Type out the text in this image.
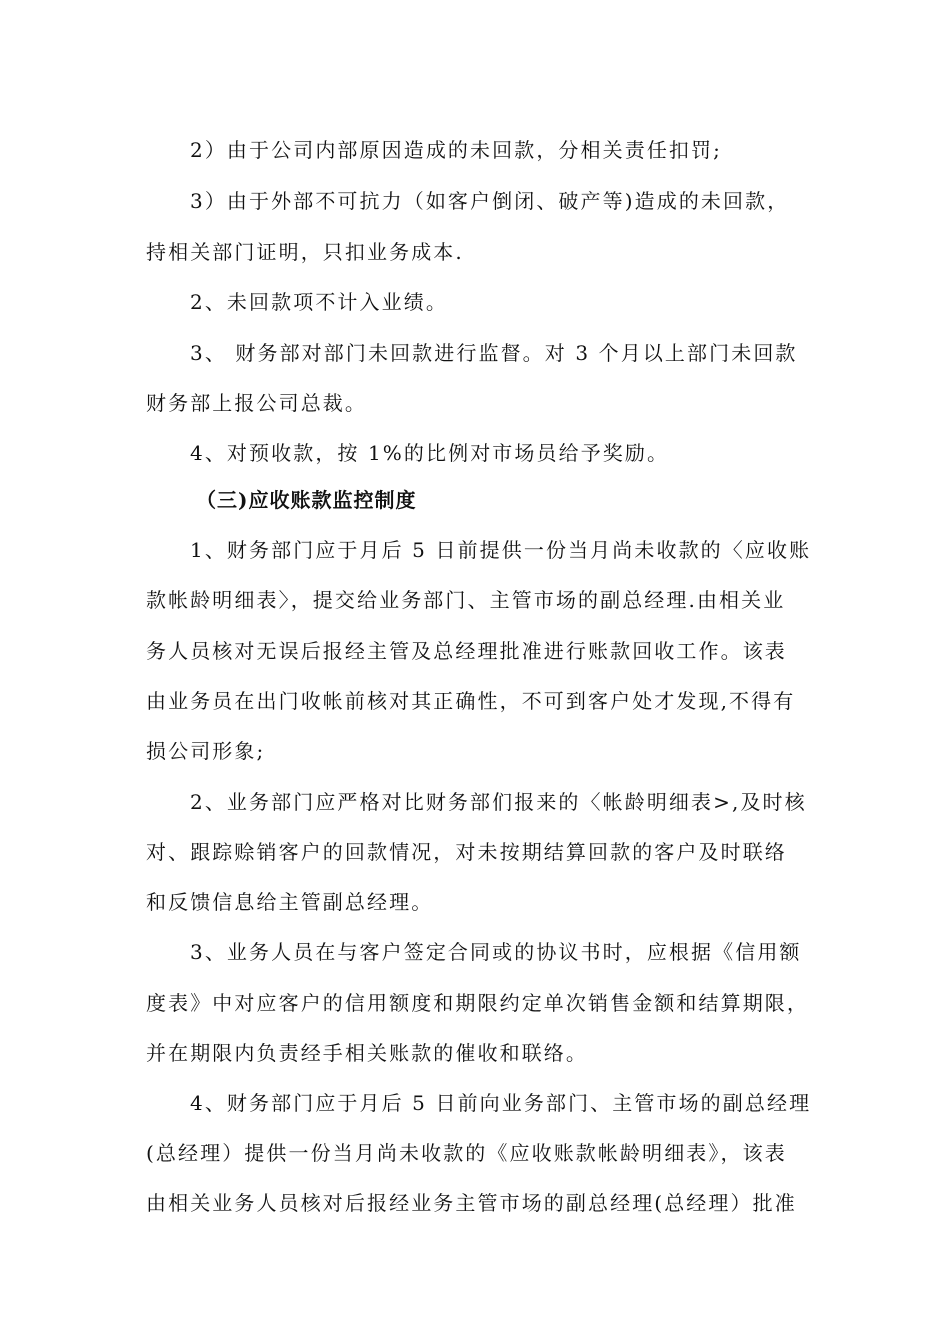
2）由于公司内部原因造成的未回款，分相关责任扣罚;
3）由于外部不可抗力（如客户倒闭、破产等)造成的未回款，
持相关部门证明，只扣业务成本.
2、未回款项不计入业绩。
3、 财务部对部门未回款进行监督。对 3 个月以上部门未回款
财务部上报公司总裁。
4、对预收款，按 1%的比例对市场员给予奖励。
（三)应收账款监控制度
1、财务部门应于月后 5 日前提供一份当月尚未收款的〈应收账
款帐龄明细表〉，提交给业务部门、主管市场的副总经理.由相关业
务人员核对无误后报经主管及总经理批准进行账款回收工作。该表
由业务员在出门收帐前核对其正确性，不可到客户处才发现,不得有
损公司形象;
2、业务部门应严格对比财务部们报来的〈帐龄明细表>,及时核
对、跟踪赊销客户的回款情况，对未按期结算回款的客户及时联络
和反馈信息给主管副总经理。
3、业务人员在与客户签定合同或的协议书时，应根据《信用额
度表》中对应客户的信用额度和期限约定单次销售金额和结算期限，
并在期限内负责经手相关账款的催收和联络。
4、财务部门应于月后 5 日前向业务部门、主管市场的副总经理
(总经理）提供一份当月尚未收款的《应收账款帐龄明细表》，该表
由相关业务人员核对后报经业务主管市场的副总经理(总经理）批准
